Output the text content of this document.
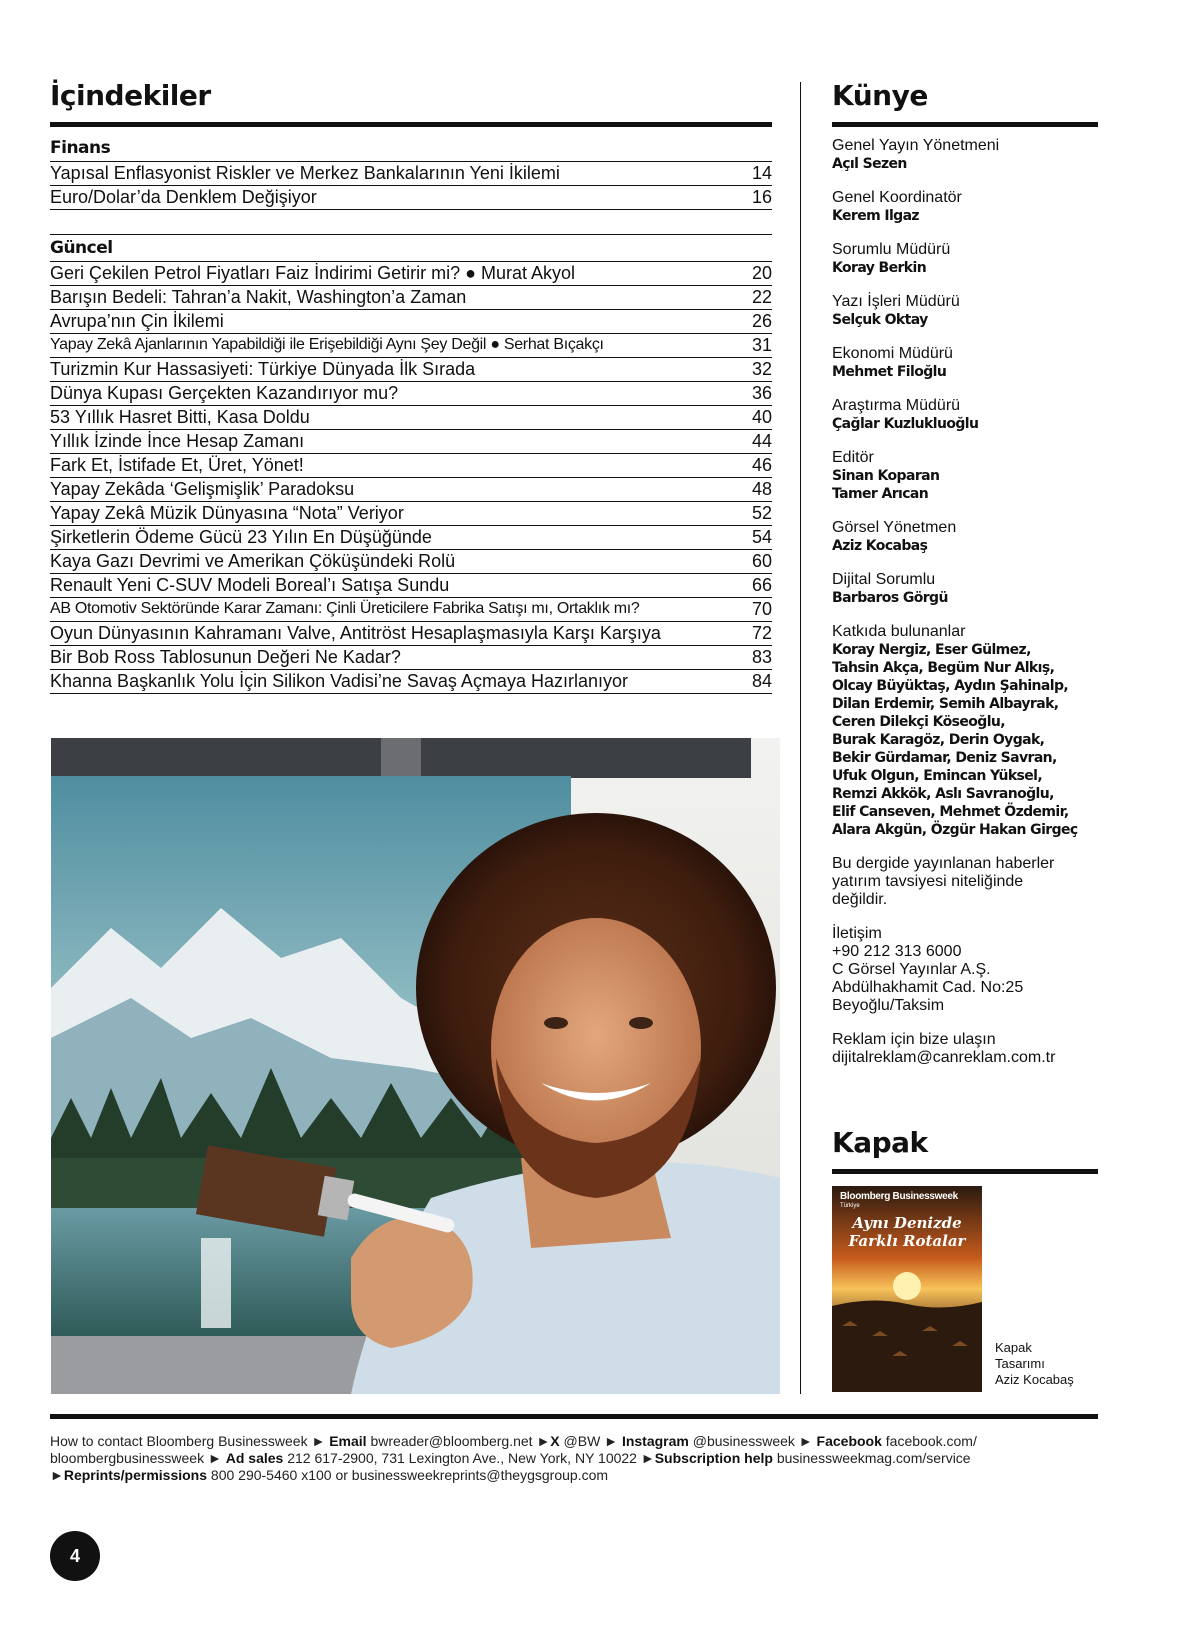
İçindekiler
Finans
Yapısal Enflasyonist Riskler ve Merkez Bankalarının Yeni İkilemi	14
Euro/Dolar’da Denklem Değişiyor	16
Güncel
Geri Çekilen Petrol Fiyatları Faiz İndirimi Getirir mi? ● Murat Akyol	20
Barışın Bedeli: Tahran’a Nakit, Washington’a Zaman	22
Avrupa’nın Çin İkilemi	26
Yapay Zekâ Ajanlarının Yapabildiği ile Erişebildiği Aynı Şey Değil ● Serhat Bıçakçı	31
Turizmin Kur Hassasiyeti: Türkiye Dünyada İlk Sırada	32
Dünya Kupası Gerçekten Kazandırıyor mu?	36
53 Yıllık Hasret Bitti, Kasa Doldu	40
Yıllık İzinde İnce Hesap Zamanı	44
Fark Et, İstifade Et, Üret, Yönet!	46
Yapay Zekâda ‘Gelişmişlik’ Paradoksu	48
Yapay Zekâ Müzik Dünyasına “Nota” Veriyor	52
Şirketlerin Ödeme Gücü 23 Yılın En Düşüğünde	54
Kaya Gazı Devrimi ve Amerikan Çöküşündeki Rolü	60
Renault Yeni C-SUV Modeli Boreal’ı Satışa Sundu	66
AB Otomotiv Sektöründe Karar Zamanı: Çinli Üreticilere Fabrika Satışı mı, Ortaklık mı?	70
Oyun Dünyasının Kahramanı Valve, Antitröst Hesaplaşmasıyla Karşı Karşıya	72
Bir Bob Ross Tablosunun Değeri Ne Kadar?	83
Khanna Başkanlık Yolu İçin Silikon Vadisi’ne Savaş Açmaya Hazırlanıyor	84
Künye
Genel Yayın Yönetmeni
Açıl Sezen
Genel Koordinatör
Kerem Ilgaz
Sorumlu Müdürü
Koray Berkin
Yazı İşleri Müdürü
Selçuk Oktay
Ekonomi Müdürü
Mehmet Filoğlu
Araştırma Müdürü
Çağlar Kuzlukluoğlu
Editör
Sinan Koparan
Tamer Arıcan
Görsel Yönetmen
Aziz Kocabaş
Dijital Sorumlu
Barbaros Görgü
Katkıda bulunanlar
Koray Nergiz, Eser Gülmez,
Tahsin Akça, Begüm Nur Alkış,
Olcay Büyüktaş, Aydın Şahinalp,
Dilan Erdemir, Semih Albayrak,
Ceren Dilekçi Köseoğlu,
Burak Karagöz, Derin Oygak,
Bekir Gürdamar, Deniz Savran,
Ufuk Olgun, Emincan Yüksel,
Remzi Akkök, Aslı Savranoğlu,
Elif Canseven, Mehmet Özdemir,
Alara Akgün, Özgür Hakan Girgeç
Bu dergide yayınlanan haberler
yatırım tavsiyesi niteliğinde
değildir.
İletişim
+90 212 313 6000
C Görsel Yayınlar A.Ş.
Abdülhakhamit Cad. No:25
Beyoğlu/Taksim
Reklam için bize ulaşın
dijitalreklam@canreklam.com.tr
Kapak
Bloomberg Businessweek
Türkiye
Aynı Denizde
Farklı Rotalar
Kapak
Tasarımı
Aziz Kocabaş
How to contact Bloomberg Businessweek ► Email bwreader@bloomberg.net ►X @BW ► Instagram @businessweek ► Facebook facebook.com/ bloombergbusinessweek ► Ad sales 212 617-2900, 731 Lexington Ave., New York, NY 10022 ►Subscription help businessweekmag.com/service ►Reprints/permissions 800 290-5460 x100 or businessweekreprints@theygsgroup.com
4
